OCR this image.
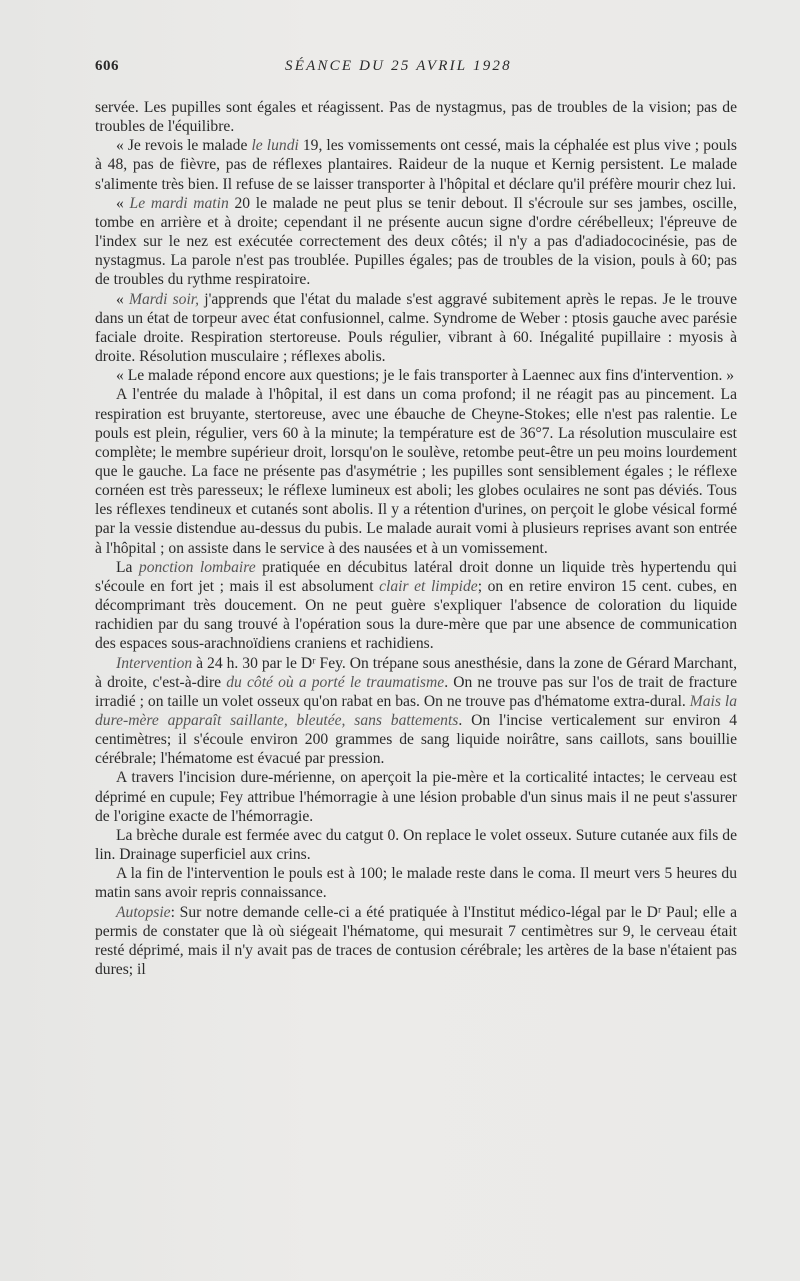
606	SÉANCE DU 25 AVRIL 1928

servée. Les pupilles sont égales et réagissent. Pas de nystagmus, pas de troubles de la vision; pas de troubles de l'équilibre.

« Je revois le malade le lundi 19, les vomissements ont cessé, mais la céphalée est plus vive ; pouls à 48, pas de fièvre, pas de réflexes plantaires. Raideur de la nuque et Kernig persistent. Le malade s'alimente très bien. Il refuse de se laisser transporter à l'hôpital et déclare qu'il préfère mourir chez lui.

« Le mardi matin 20 le malade ne peut plus se tenir debout. Il s'écroule sur ses jambes, oscille, tombe en arrière et à droite; cependant il ne présente aucun signe d'ordre cérébelleux; l'épreuve de l'index sur le nez est exécutée correctement des deux côtés; il n'y a pas d'adiadococinésie, pas de nystagmus. La parole n'est pas troublée. Pupilles égales; pas de troubles de la vision, pouls à 60; pas de troubles du rythme respiratoire.

« Mardi soir, j'apprends que l'état du malade s'est aggravé subitement après le repas. Je le trouve dans un état de torpeur avec état confusionnel, calme. Syndrome de Weber : ptosis gauche avec parésie faciale droite. Respiration stertoreuse. Pouls régulier, vibrant à 60. Inégalité pupillaire : myosis à droite. Résolution musculaire ; réflexes abolis.

« Le malade répond encore aux questions; je le fais transporter à Laennec aux fins d'intervention. »

A l'entrée du malade à l'hôpital, il est dans un coma profond; il ne réagit pas au pincement. La respiration est bruyante, stertoreuse, avec une ébauche de Cheyne-Stokes; elle n'est pas ralentie. Le pouls est plein, régulier, vers 60 à la minute; la température est de 36°7. La résolution musculaire est complète; le membre supérieur droit, lorsqu'on le soulève, retombe peut-être un peu moins lourdement que le gauche. La face ne présente pas d'asymétrie ; les pupilles sont sensiblement égales ; le réflexe cornéen est très paresseux; le réflexe lumineux est aboli; les globes oculaires ne sont pas déviés. Tous les réflexes tendineux et cutanés sont abolis. Il y a rétention d'urines, on perçoit le globe vésical formé par la vessie distendue au-dessus du pubis. Le malade aurait vomi à plusieurs reprises avant son entrée à l'hôpital ; on assiste dans le service à des nausées et à un vomissement.

La ponction lombaire pratiquée en décubitus latéral droit donne un liquide très hypertendu qui s'écoule en fort jet ; mais il est absolument clair et limpide; on en retire environ 15 cent. cubes, en décomprimant très doucement. On ne peut guère s'expliquer l'absence de coloration du liquide rachidien par du sang trouvé à l'opération sous la dure-mère que par une absence de communication des espaces sous-arachnoïdiens craniens et rachidiens.

Intervention à 24 h. 30 par le Dʳ Fey. On trépane sous anesthésie, dans la zone de Gérard Marchant, à droite, c'est-à-dire du côté où a porté le traumatisme. On ne trouve pas sur l'os de trait de fracture irradié ; on taille un volet osseux qu'on rabat en bas. On ne trouve pas d'hématome extra-dural. Mais la dure-mère apparaît saillante, bleutée, sans battements. On l'incise verticalement sur environ 4 centimètres; il s'écoule environ 200 grammes de sang liquide noirâtre, sans caillots, sans bouillie cérébrale; l'hématome est évacué par pression.

A travers l'incision dure-mérienne, on aperçoit la pie-mère et la corticalité intactes; le cerveau est déprimé en cupule; Fey attribue l'hémorragie à une lésion probable d'un sinus mais il ne peut s'assurer de l'origine exacte de l'hémorragie.

La brèche durale est fermée avec du catgut 0. On replace le volet osseux. Suture cutanée aux fils de lin. Drainage superficiel aux crins.

A la fin de l'intervention le pouls est à 100; le malade reste dans le coma. Il meurt vers 5 heures du matin sans avoir repris connaissance.

Autopsie: Sur notre demande celle-ci a été pratiquée à l'Institut médico-légal par le Dʳ Paul; elle a permis de constater que là où siégeait l'hématome, qui mesurait 7 centimètres sur 9, le cerveau était resté déprimé, mais il n'y avait pas de traces de contusion cérébrale; les artères de la base n'étaient pas dures; il
